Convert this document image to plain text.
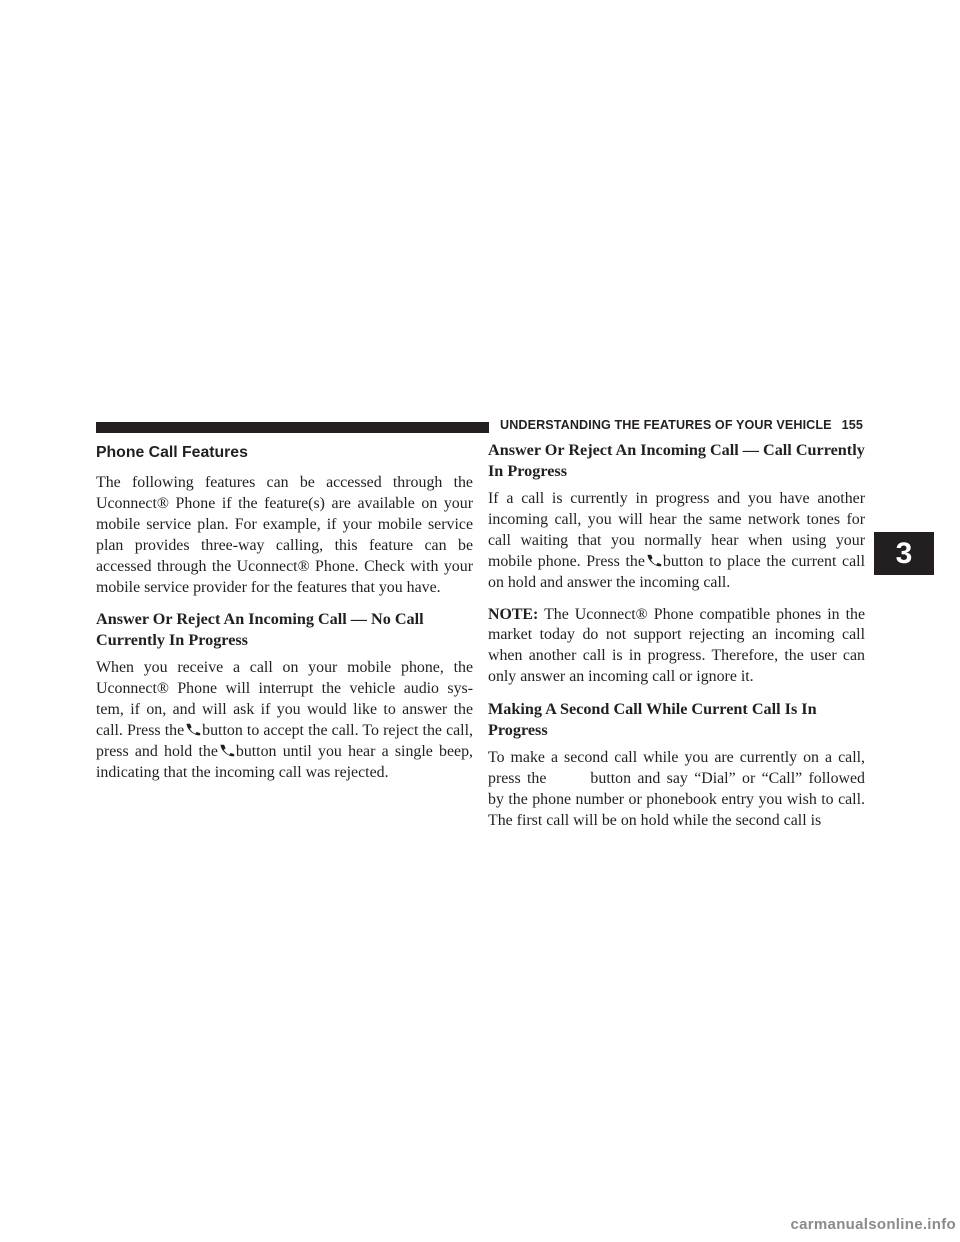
UNDERSTANDING THE FEATURES OF YOUR VEHICLE 155
3
Phone Call Features

The following features can be accessed through the Uconnect® Phone if the feature(s) are available on your mobile service plan. For example, if your mobile service plan provides three-way calling, this feature can be accessed through the Uconnect® Phone. Check with your mobile service provider for the features that you have.

Answer Or Reject An Incoming Call — No Call Currently In Progress

When you receive a call on your mobile phone, the Uconnect® Phone will interrupt the vehicle audio sys- tem, if on, and will ask if you would like to answer the call. Press the button to accept the call. To reject the call, press and hold the button until you hear a single beep, indicating that the incoming call was rejected.

Answer Or Reject An Incoming Call — Call Currently In Progress

If a call is currently in progress and you have another incoming call, you will hear the same network tones for call waiting that you normally hear when using your mobile phone. Press the button to place the current call on hold and answer the incoming call.

NOTE: The Uconnect® Phone compatible phones in the market today do not support rejecting an incoming call when another call is in progress. Therefore, the user can only answer an incoming call or ignore it.

Making A Second Call While Current Call Is In Progress

To make a second call while you are currently on a call, press the	button and say “Dial” or “Call” followed by the phone number or phonebook entry you wish to call. The first call will be on hold while the second call is

carmanualsonline.info
